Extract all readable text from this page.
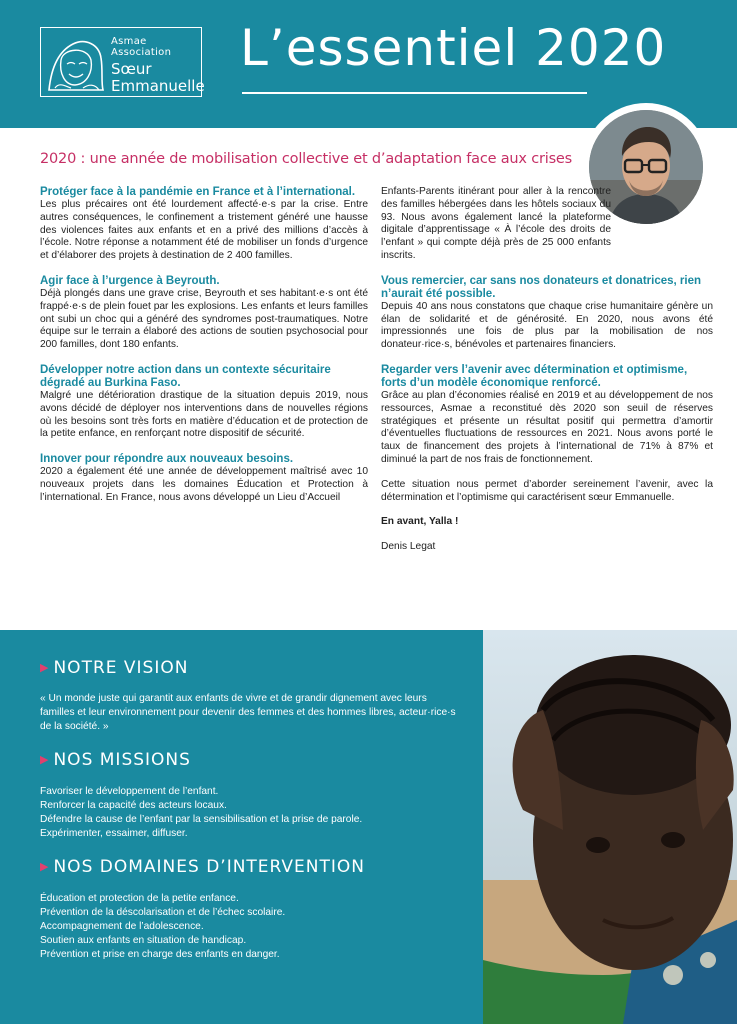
Asmae Association
Sœur
Emmanuelle
L’essentiel 2020
2020 : une année de mobilisation collective et d’adaptation face aux crises
Protéger face à la pandémie en France et à l’international.
Les plus précaires ont été lourdement affecté·e·s par la crise. Entre autres conséquences, le confinement a tristement généré une hausse des violences faites aux enfants et en a privé des millions d’accès à l’école. Notre réponse a notamment été de mobiliser un fonds d’urgence et d’élaborer des projets à destination de 2 400 familles.
Agir face à l’urgence à Beyrouth.
Déjà plongés dans une grave crise, Beyrouth et ses habitant·e·s ont été frappé·e·s de plein fouet par les explosions. Les enfants et leurs familles ont subi un choc qui a généré des syndromes post-traumatiques. Notre équipe sur le terrain a élaboré des actions de soutien psychosocial pour 200 familles, dont 180 enfants.
Développer notre action dans un contexte sécuritaire dégradé au Burkina Faso.
Malgré une détérioration drastique de la situation depuis 2019, nous avons décidé de déployer nos interventions dans de nouvelles régions où les besoins sont très forts en matière d’éducation et de protection de la petite enfance, en renforçant notre dispositif de sécurité.
Innover pour répondre aux nouveaux besoins.
2020 a également été une année de développement maîtrisé avec 10 nouveaux projets dans les domaines Éducation et Protection à l’international. En France, nous avons développé un Lieu d’Accueil
Enfants-Parents itinérant pour aller à la rencontre des familles hébergées dans les hôtels sociaux du 93. Nous avons également lancé la plateforme digitale d’apprentissage « À l’école des droits de l’enfant » qui compte déjà près de 25 000 enfants inscrits.
Vous remercier, car sans nos donateurs et donatrices, rien n’aurait été possible.
Depuis 40 ans nous constatons que chaque crise humanitaire génère un élan de solidarité et de générosité. En 2020, nous avons été impressionnés une fois de plus par la mobilisation de nos donateur·rice·s, bénévoles et partenaires financiers.
Regarder vers l’avenir avec détermination et optimisme, forts d’un modèle économique renforcé.
Grâce au plan d’économies réalisé en 2019 et au développement de nos ressources, Asmae a reconstitué dès 2020 son seuil de réserves stratégiques et présente un résultat positif qui permettra d’amortir d’éventuelles fluctuations de ressources en 2021. Nous avons porté le taux de financement des projets à l’international de 71% à 87% et diminué la part de nos frais de fonctionnement.
Cette situation nous permet d’aborder sereinement l’avenir, avec la détermination et l’optimisme qui caractérisent sœur Emmanuelle.
En avant, Yalla !
Denis Legat
▶ NOTRE VISION
« Un monde juste qui garantit aux enfants de vivre et de grandir dignement avec leurs familles et leur environnement pour devenir des femmes et des hommes libres, acteur·rice·s de la société. »
▶ NOS MISSIONS
Favoriser le développement de l’enfant.
Renforcer la capacité des acteurs locaux.
Défendre la cause de l’enfant par la sensibilisation et la prise de parole.
Expérimenter, essaimer, diffuser.
▶ NOS DOMAINES D’INTERVENTION
Éducation et protection de la petite enfance.
Prévention de la déscolarisation et de l’échec scolaire.
Accompagnement de l’adolescence.
Soutien aux enfants en situation de handicap.
Prévention et prise en charge des enfants en danger.
